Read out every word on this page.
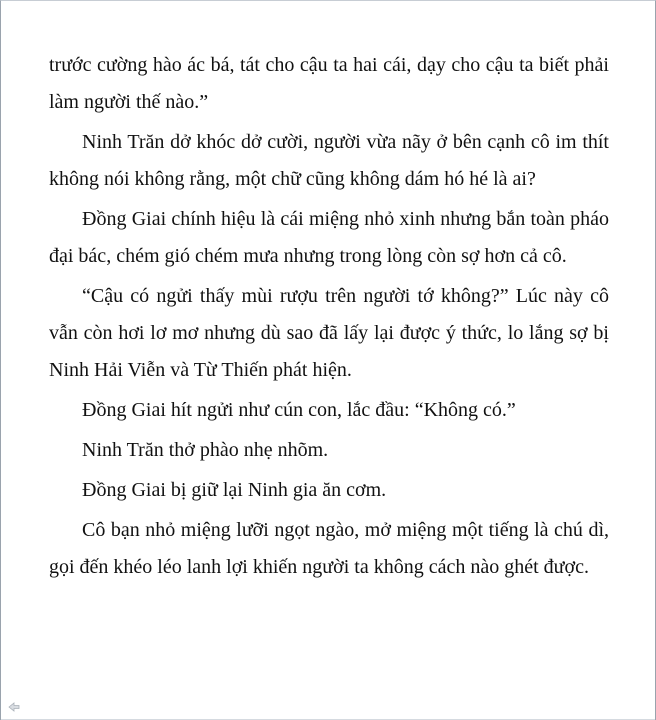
trước cường hào ác bá, tát cho cậu ta hai cái, dạy cho cậu ta biết phải làm người thế nào.”

Ninh Trăn dở khóc dở cười, người vừa nãy ở bên cạnh cô im thít không nói không rằng, một chữ cũng không dám hó hé là ai?

Đồng Giai chính hiệu là cái miệng nhỏ xinh nhưng bắn toàn pháo đại bác, chém gió chém mưa nhưng trong lòng còn sợ hơn cả cô.

“Cậu có ngửi thấy mùi rượu trên người tớ không?” Lúc này cô vẫn còn hơi lơ mơ nhưng dù sao đã lấy lại được ý thức, lo lắng sợ bị Ninh Hải Viễn và Từ Thiến phát hiện.

Đồng Giai hít ngửi như cún con, lắc đầu: “Không có.”

Ninh Trăn thở phào nhẹ nhõm.

Đồng Giai bị giữ lại Ninh gia ăn cơm.

Cô bạn nhỏ miệng lưỡi ngọt ngào, mở miệng một tiếng là chú dì, gọi đến khéo léo lanh lợi khiến người ta không cách nào ghét được.
